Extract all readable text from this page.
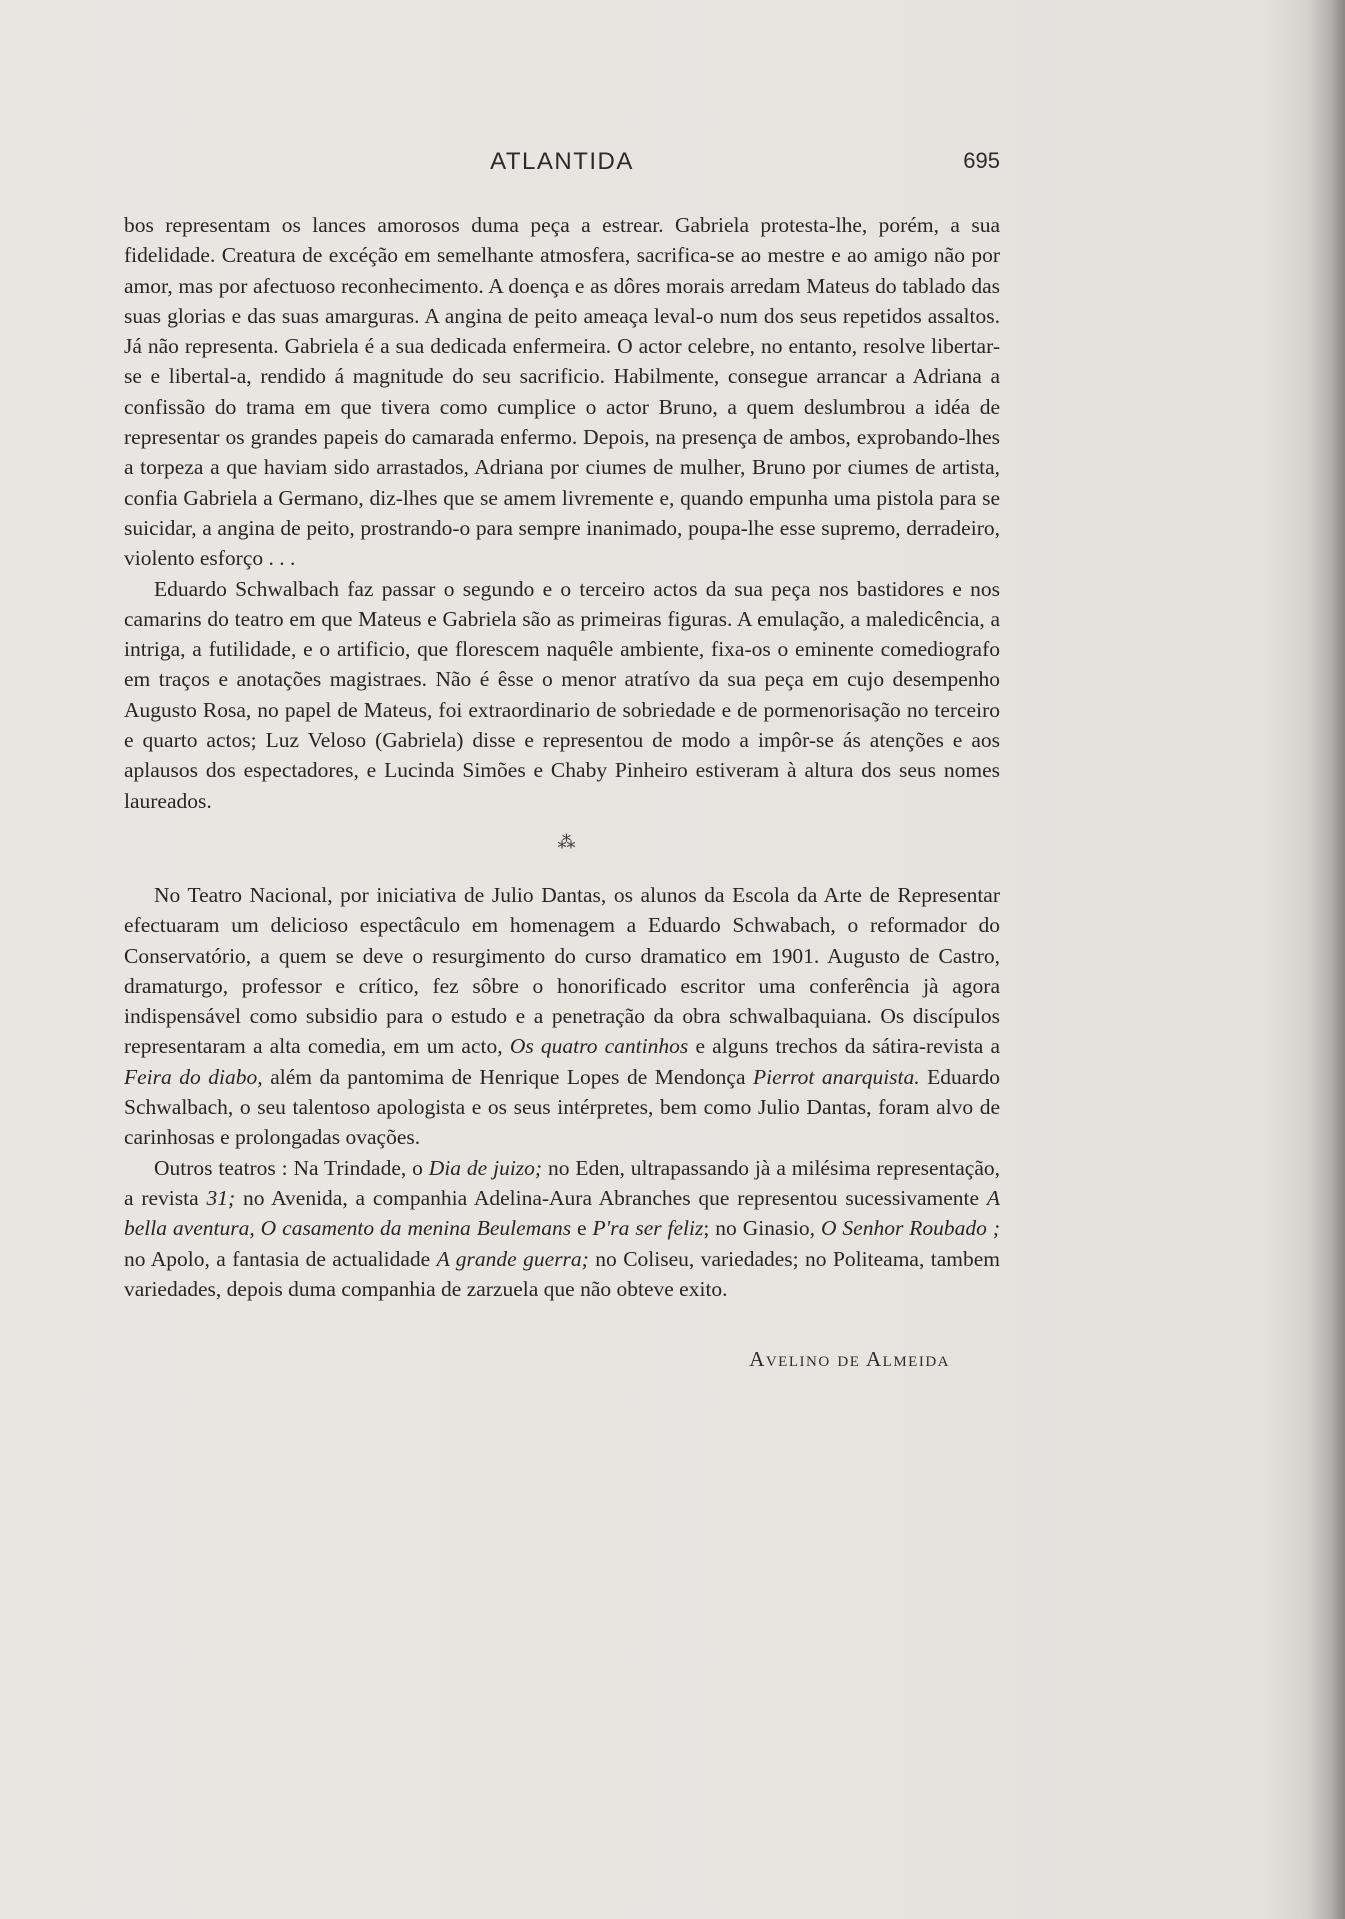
ATLANTIDA	695

bos representam os lances amorosos duma peça a estrear. Gabriela protesta-lhe, porém, a sua fidelidade. Creatura de excéção em semelhante atmosfera, sacrifica-se ao mestre e ao amigo não por amor, mas por afectuoso reconhecimento. A doença e as dôres morais arredam Mateus do tablado das suas glorias e das suas amarguras. A angina de peito ameaça leval-o num dos seus repetidos assaltos. Já não representa. Gabriela é a sua dedicada enfermeira. O actor celebre, no entanto, resolve libertar-se e libertal-a, rendido á magnitude do seu sacrificio. Habilmente, consegue arrancar a Adriana a confissão do trama em que tivera como cumplice o actor Bruno, a quem deslumbrou a idéa de representar os grandes papeis do camarada enfermo. Depois, na presença de ambos, exprobando-lhes a torpeza a que haviam sido arrastados, Adriana por ciumes de mulher, Bruno por ciumes de artista, confia Gabriela a Germano, diz-lhes que se amem livremente e, quando empunha uma pistola para se suicidar, a angina de peito, prostrando-o para sempre inanimado, poupa-lhe esse supremo, derradeiro, violento esforço . . .

Eduardo Schwalbach faz passar o segundo e o terceiro actos da sua peça nos bastidores e nos camarins do teatro em que Mateus e Gabriela são as primeiras figuras. A emulação, a maledicência, a intriga, a futilidade, e o artificio, que florescem naquêle ambiente, fixa-os o eminente comediografo em traços e anotações magistraes. Não é êsse o menor atratívo da sua peça em cujo desempenho Augusto Rosa, no papel de Mateus, foi extraordinario de sobriedade e de pormenorisação no terceiro e quarto actos; Luz Veloso (Gabriela) disse e representou de modo a impôr-se ás atenções e aos aplausos dos espectadores, e Lucinda Simões e Chaby Pinheiro estiveram à altura dos seus nomes laureados.

⁂

No Teatro Nacional, por iniciativa de Julio Dantas, os alunos da Escola da Arte de Representar efectuaram um delicioso espectâculo em homenagem a Eduardo Schwabach, o reformador do Conservatório, a quem se deve o resurgimento do curso dramatico em 1901. Augusto de Castro, dramaturgo, professor e crítico, fez sôbre o honorificado escritor uma conferência jà agora indispensável como subsidio para o estudo e a penetração da obra schwalbaquiana. Os discípulos representaram a alta comedia, em um acto, Os quatro cantinhos e alguns trechos da sátira-revista a Feira do diabo, além da pantomima de Henrique Lopes de Mendonça Pierrot anarquista. Eduardo Schwalbach, o seu talentoso apologista e os seus intérpretes, bem como Julio Dantas, foram alvo de carinhosas e prolongadas ovações.

Outros teatros : Na Trindade, o Dia de juizo; no Eden, ultrapassando jà a milésima representação, a revista 31; no Avenida, a companhia Adelina-Aura Abranches que representou sucessivamente A bella aventura, O casamento da menina Beulemans e P'ra ser feliz; no Ginasio, O Senhor Roubado ; no Apolo, a fantasia de actualidade A grande guerra; no Coliseu, variedades; no Politeama, tambem variedades, depois duma companhia de zarzuela que não obteve exito.

Avelino de Almeida
